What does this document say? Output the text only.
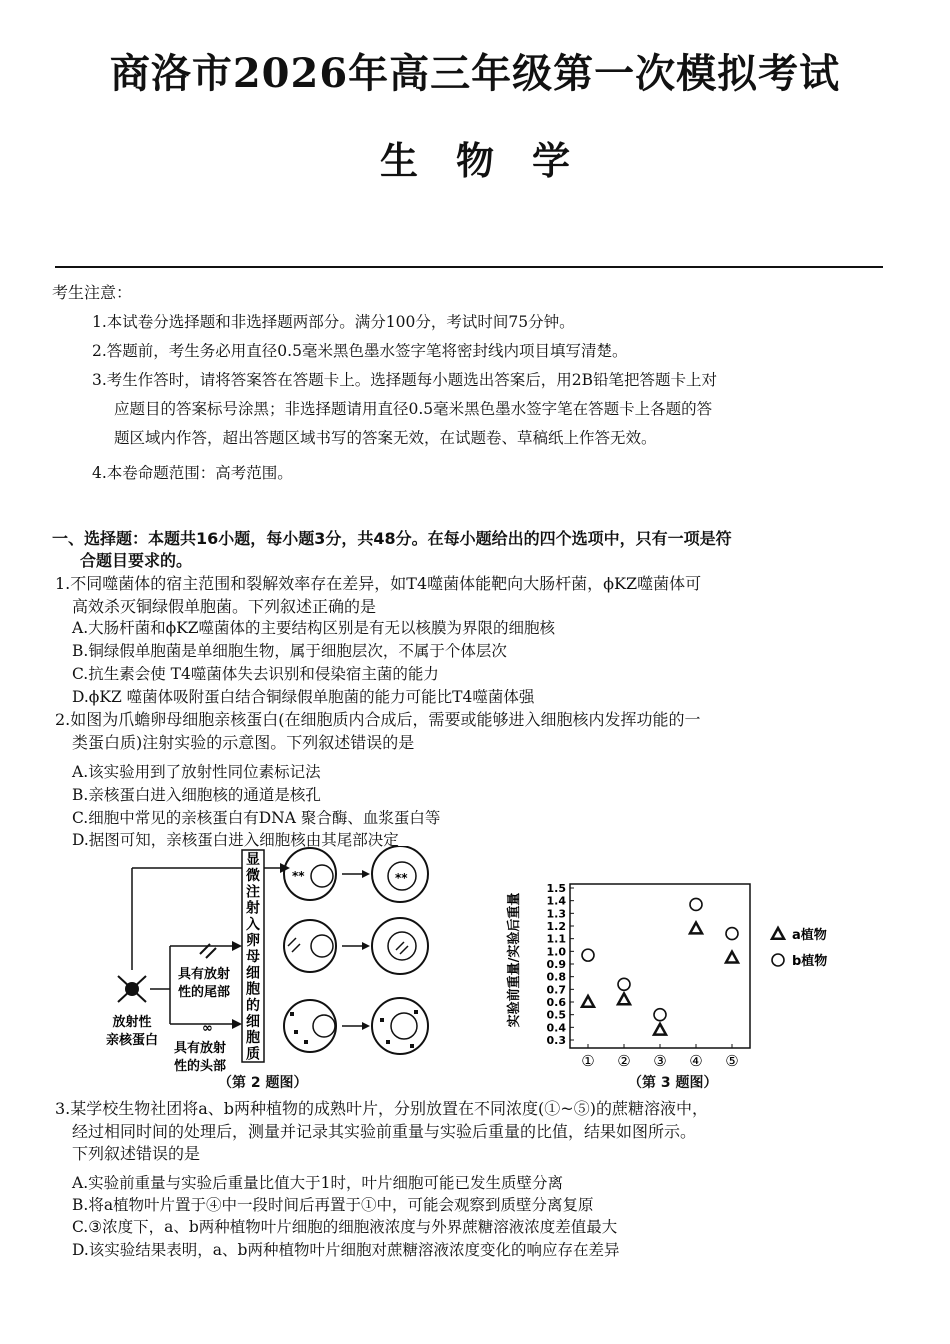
商洛市2026年高三年级第一次模拟考试
生物学
考生注意：
1.本试卷分选择题和非选择题两部分。满分100分，考试时间75分钟。
2.答题前，考生务必用直径0.5毫米黑色墨水签字笔将密封线内项目填写清楚。
3.考生作答时，请将答案答在答题卡上。选择题每小题选出答案后，用2B铅笔把答题卡上对
应题目的答案标号涂黑；非选择题请用直径0.5毫米黑色墨水签字笔在答题卡上各题的答
题区域内作答，超出答题区域书写的答案无效，在试题卷、草稿纸上作答无效。
4.本卷命题范围：高考范围。
一、选择题：本题共16小题，每小题3分，共48分。在每小题给出的四个选项中，只有一项是符
合题目要求的。
1.不同噬菌体的宿主范围和裂解效率存在差异，如T4噬菌体能靶向大肠杆菌，ϕKZ噬菌体可
高效杀灭铜绿假单胞菌。下列叙述正确的是
A.大肠杆菌和ϕKZ噬菌体的主要结构区别是有无以核膜为界限的细胞核
B.铜绿假单胞菌是单细胞生物，属于细胞层次，不属于个体层次
C.抗生素会使 T4噬菌体失去识别和侵染宿主菌的能力
D.ϕKZ 噬菌体吸附蛋白结合铜绿假单胞菌的能力可能比T4噬菌体强
2.如图为爪蟾卵母细胞亲核蛋白(在细胞质内合成后，需要或能够进入细胞核内发挥功能的一
类蛋白质)注射实验的示意图。下列叙述错误的是
A.该实验用到了放射性同位素标记法
B.亲核蛋白进入细胞核的通道是核孔
C.细胞中常见的亲核蛋白有DNA 聚合酶、血浆蛋白等
D.据图可知，亲核蛋白进入细胞核由其尾部决定
放射性
亲核蛋白
具有放射
性的尾部
∞
具有放射
性的头部
显微注射入卵母细胞的细胞质
**	**
（第 2 题图）
实验前重量/实验后重量
1.5
1.4
1.3
1.2
1.1
1.0
0.9
0.8
0.7
0.6
0.5
0.4
0.3
① ② ③ ④ ⑤
a植物
b植物
（第 3 题图）
3.某学校生物社团将a、b两种植物的成熟叶片，分别放置在不同浓度(①~⑤)的蔗糖溶液中，
经过相同时间的处理后，测量并记录其实验前重量与实验后重量的比值，结果如图所示。
下列叙述错误的是
A.实验前重量与实验后重量比值大于1时，叶片细胞可能已发生质壁分离
B.将a植物叶片置于④中一段时间后再置于①中，可能会观察到质壁分离复原
C.③浓度下，a、b两种植物叶片细胞的细胞液浓度与外界蔗糖溶液浓度差值最大
D.该实验结果表明，a、b两种植物叶片细胞对蔗糖溶液浓度变化的响应存在差异
